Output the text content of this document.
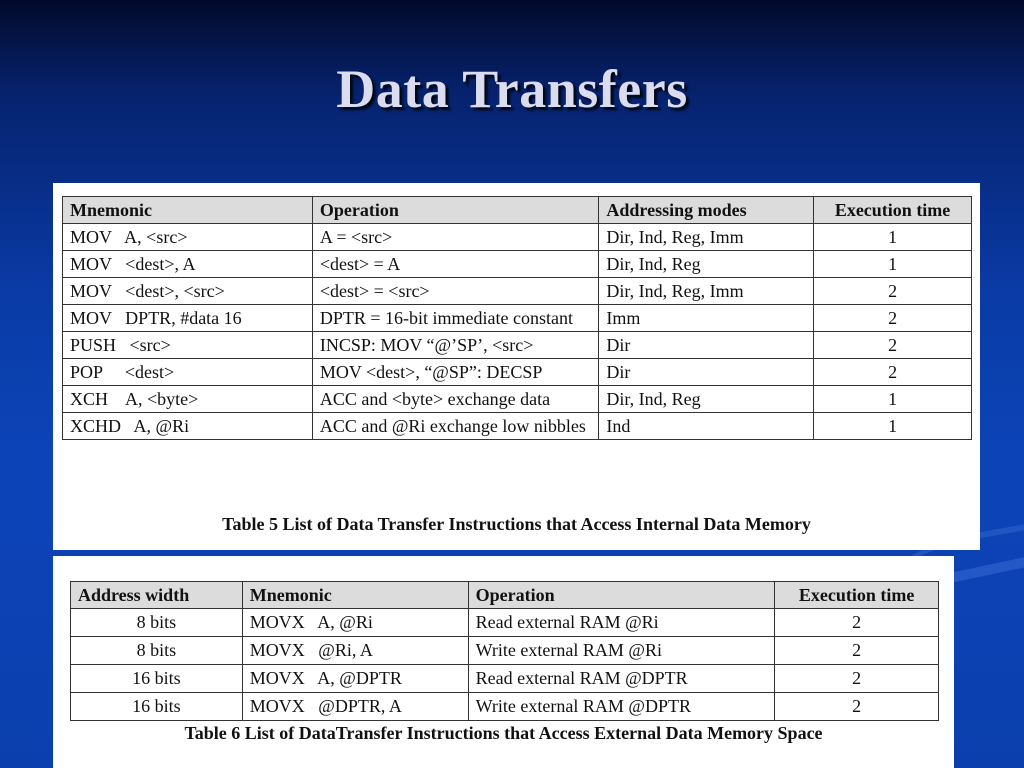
Data Transfers
Mnemonic	Operation	Addressing modes	Execution time
MOV   A, <src>	A = <src>	Dir, Ind, Reg, Imm	1
MOV   <dest>, A	<dest> = A	Dir, Ind, Reg	1
MOV   <dest>, <src>	<dest> = <src>	Dir, Ind, Reg, Imm	2
MOV   DPTR, #data 16	DPTR = 16-bit immediate constant	Imm	2
PUSH   <src>	INCSP: MOV “@’SP’, <src>	Dir	2
POP     <dest>	MOV <dest>, “@SP”: DECSP	Dir	2
XCH    A, <byte>	ACC and <byte> exchange data	Dir, Ind, Reg	1
XCHD   A, @Ri	ACC and @Ri exchange low nibbles	Ind	1
Table 5 List of Data Transfer Instructions that Access Internal Data Memory
Address width	Mnemonic	Operation	Execution time
8 bits	MOVX   A, @Ri	Read external RAM @Ri	2
8 bits	MOVX   @Ri, A	Write external RAM @Ri	2
16 bits	MOVX   A, @DPTR	Read external RAM @DPTR	2
16 bits	MOVX   @DPTR, A	Write external RAM @DPTR	2
Table 6 List of DataTransfer Instructions that Access External Data Memory Space
